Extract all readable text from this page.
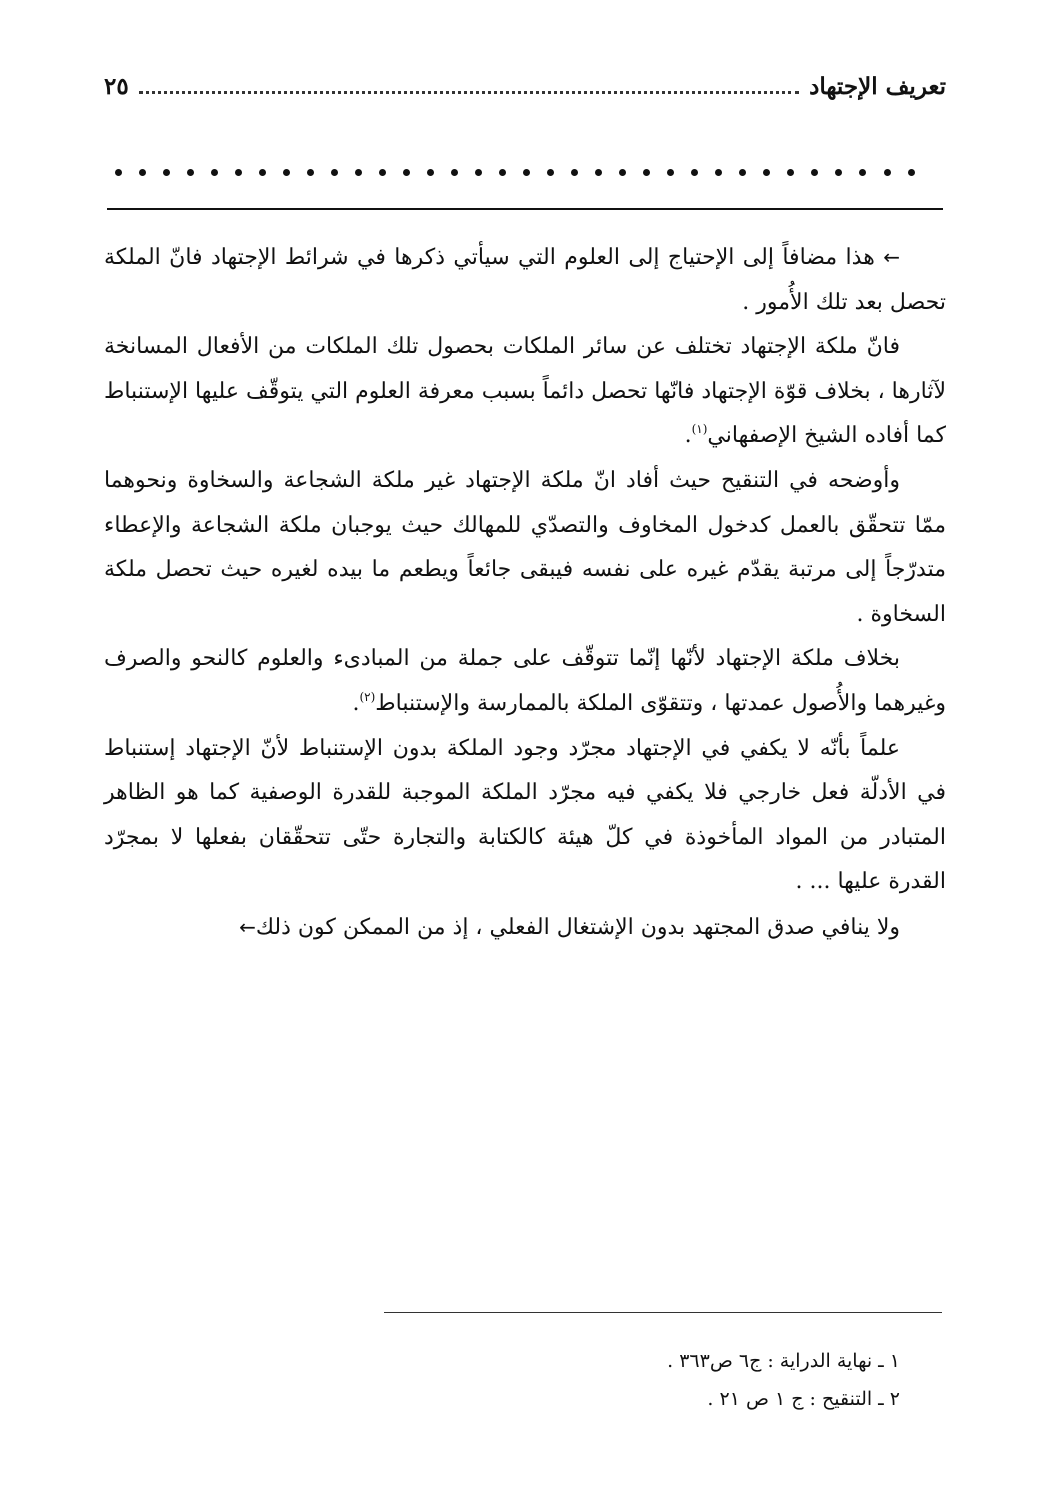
تعريف الإجتهاد
٢٥

← هذا مضافاً إلى الإحتياج إلى العلوم التي سيأتي ذكرها في شرائط الإجتهاد فانّ الملكة تحصل بعد تلك الأُمور .

فانّ ملكة الإجتهاد تختلف عن سائر الملكات بحصول تلك الملكات من الأفعال المسانخة لآثارها ، بخلاف قوّة الإجتهاد فانّها تحصل دائماً بسبب معرفة العلوم التي يتوقّف عليها الإستنباط كما أفاده الشيخ الإصفهاني$^{(١)}$.

وأوضحه في التنقيح حيث أفاد انّ ملكة الإجتهاد غير ملكة الشجاعة والسخاوة ونحوهما ممّا تتحقّق بالعمل كدخول المخاوف والتصدّي للمهالك حيث يوجبان ملكة الشجاعة والإعطاء متدرّجاً إلى مرتبة يقدّم غيره على نفسه فيبقى جائعاً ويطعم ما بيده لغيره حيث تحصل ملكة السخاوة .

بخلاف ملكة الإجتهاد لأنّها إنّما تتوقّف على جملة من المبادىء والعلوم كالنحو والصرف وغيرهما والأُصول عمدتها ، وتتقوّى الملكة بالممارسة والإستنباط$^{(٢)}$.

علماً بأنّه لا يكفي في الإجتهاد مجرّد وجود الملكة بدون الإستنباط لأنّ الإجتهاد إستنباط في الأدلّة فعل خارجي فلا يكفي فيه مجرّد الملكة الموجبة للقدرة الوصفية كما هو الظاهر المتبادر من المواد المأخوذة في كلّ هيئة كالكتابة والتجارة حتّى تتحقّقان بفعلها لا بمجرّد القدرة عليها ... .

ولا ينافي صدق المجتهد بدون الإشتغال الفعلي ، إذ من الممكن كون ذلك←

١ ـ نهاية الدراية : ج٦ ص٣٦٣ .

٢ ـ التنقيح : ج ١ ص ٢١ .
